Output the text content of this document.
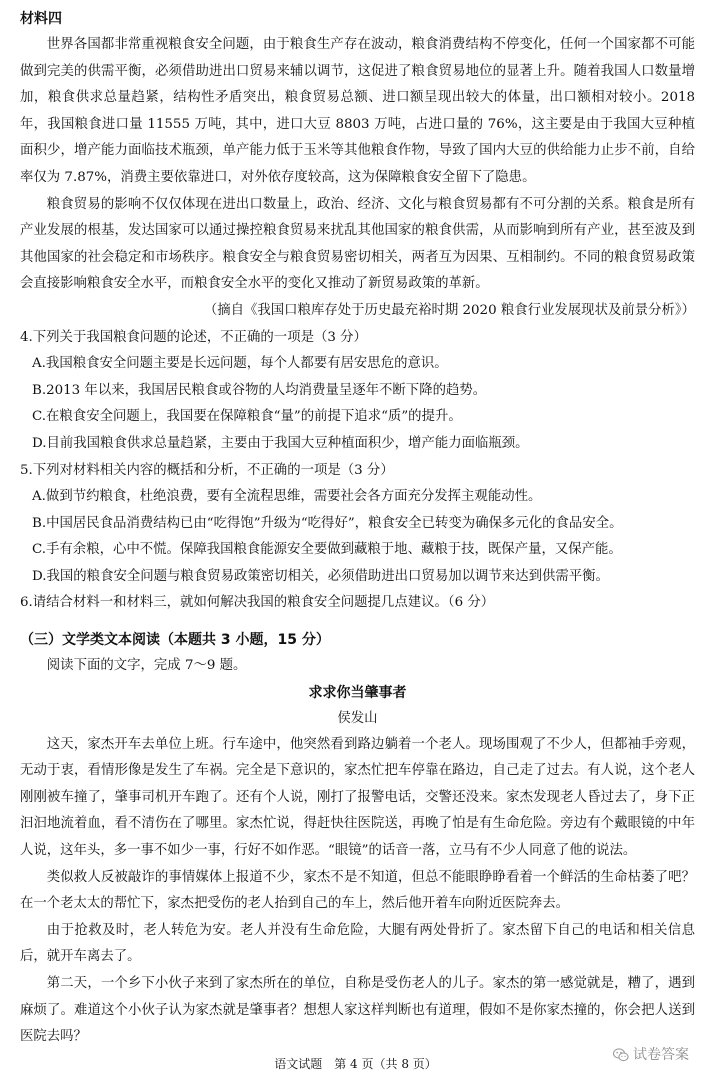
材料四

世界各国都非常重视粮食安全问题，由于粮食生产存在波动，粮食消费结构不停变化，任何一个国家都不可能做到完美的供需平衡，必须借助进出口贸易来辅以调节，这促进了粮食贸易地位的显著上升。随着我国人口数量增加，粮食供求总量趋紧，结构性矛盾突出，粮食贸易总额、进口额呈现出较大的体量，出口额相对较小。2018 年，我国粮食进口量 11555 万吨，其中，进口大豆 8803 万吨，占进口量的 76%，这主要是由于我国大豆种植面积少，增产能力面临技术瓶颈，单产能力低于玉米等其他粮食作物，导致了国内大豆的供给能力止步不前，自给率仅为 7.87%，消费主要依靠进口，对外依存度较高，这为保障粮食安全留下了隐患。

粮食贸易的影响不仅仅体现在进出口数量上，政治、经济、文化与粮食贸易都有不可分割的关系。粮食是所有产业发展的根基，发达国家可以通过操控粮食贸易来扰乱其他国家的粮食供需，从而影响到所有产业，甚至波及到其他国家的社会稳定和市场秩序。粮食安全与粮食贸易密切相关，两者互为因果、互相制约。不同的粮食贸易政策会直接影响粮食安全水平，而粮食安全水平的变化又推动了新贸易政策的革新。

（摘自《我国口粮库存处于历史最充裕时期 2020 粮食行业发展现状及前景分析》）

4.下列关于我国粮食问题的论述，不正确的一项是（3 分）
A.我国粮食安全问题主要是长远问题，每个人都要有居安思危的意识。
B.2013 年以来，我国居民粮食或谷物的人均消费量呈逐年不断下降的趋势。
C.在粮食安全问题上，我国要在保障粮食“量”的前提下追求“质”的提升。
D.目前我国粮食供求总量趋紧，主要由于我国大豆种植面积少，增产能力面临瓶颈。
5.下列对材料相关内容的概括和分析，不正确的一项是（3 分）
A.做到节约粮食，杜绝浪费，要有全流程思维，需要社会各方面充分发挥主观能动性。
B.中国居民食品消费结构已由“吃得饱”升级为“吃得好”，粮食安全已转变为确保多元化的食品安全。
C.手有余粮，心中不慌。保障我国粮食能源安全要做到藏粮于地、藏粮于技，既保产量，又保产能。
D.我国的粮食安全问题与粮食贸易政策密切相关，必须借助进出口贸易加以调节来达到供需平衡。
6.请结合材料一和材料三，就如何解决我国的粮食安全问题提几点建议。（6 分）
（三）文学类文本阅读（本题共 3 小题，15 分）

阅读下面的文字，完成 7～9 题。

求求你当肇事者
侯发山

这天，家杰开车去单位上班。行车途中，他突然看到路边躺着一个老人。现场围观了不少人，但都袖手旁观，无动于衷，看情形像是发生了车祸。完全是下意识的，家杰忙把车停靠在路边，自己走了过去。有人说，这个老人刚刚被车撞了，肇事司机开车跑了。还有个人说，刚打了报警电话，交警还没来。家杰发现老人昏过去了，身下正汩汩地流着血，看不清伤在了哪里。家杰忙说，得赶快往医院送，再晚了怕是有生命危险。旁边有个戴眼镜的中年人说，这年头，多一事不如少一事，行好不如作恶。“眼镜”的话音一落，立马有不少人同意了他的说法。

类似救人反被敲诈的事情媒体上报道不少，家杰不是不知道，但总不能眼睁睁看着一个鲜活的生命枯萎了吧？在一个老太太的帮忙下，家杰把受伤的老人抬到自己的车上，然后他开着车向附近医院奔去。

由于抢救及时，老人转危为安。老人并没有生命危险，大腿有两处骨折了。家杰留下自己的电话和相关信息后，就开车离去了。

第二天，一个乡下小伙子来到了家杰所在的单位，自称是受伤老人的儿子。家杰的第一感觉就是，糟了，遇到麻烦了。难道这个小伙子认为家杰就是肇事者？想想人家这样判断也有道理，假如不是你家杰撞的，你会把人送到医院去吗？

语文试题　第 4 页（共 8 页）
试卷答案
